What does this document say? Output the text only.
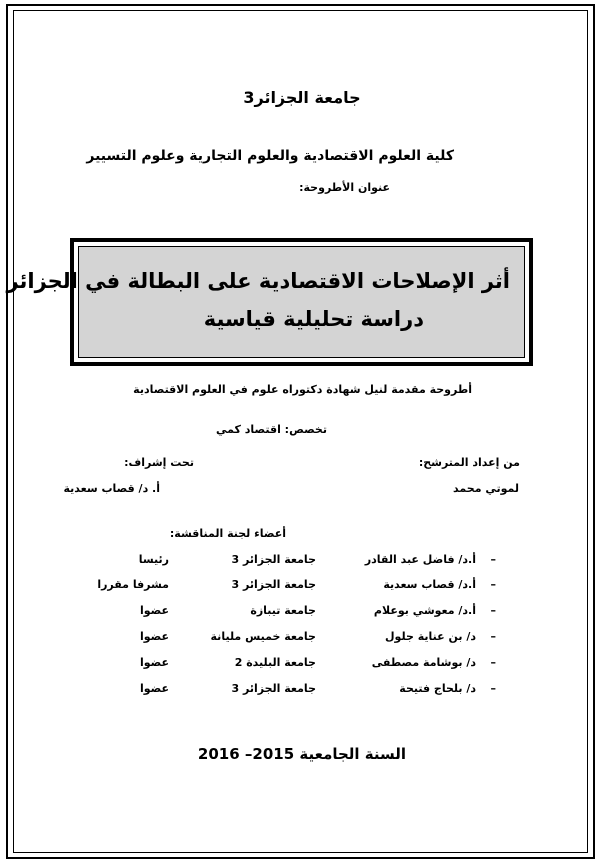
جامعة الجزائر3
كلية العلوم الاقتصادية والعلوم التجارية وعلوم التسيير
عنوان الأطروحة:
أثر الإصلاحات الاقتصادية على البطالة في الجزائر
دراسة تحليلية قياسية
أطروحة مقدمة لنيل شهادة دكتوراه علوم في العلوم الاقتصادية
تخصص: اقتصاد كمي
من إعداد المترشح:
تحت إشراف:
لموتي محمد
أ. د/ قصاب سعدية
أعضاء لجنة المناقشة:
–
أ.د/ فاضل عبد القادر
جامعة الجزائر 3
رئيسا
–
أ.د/ قصاب سعدية
جامعة الجزائر 3
مشرفا مقررا
–
أ.د/ معوشي بوعلام
جامعة تيبازة
عضوا
–
د/ بن عناية جلول
جامعة خميس مليانة
عضوا
–
د/ بوشامة مصطفى
جامعة البليدة 2
عضوا
–
د/ بلحاج فتيحة
جامعة الجزائر 3
عضوا
السنة الجامعية 2015– 2016
